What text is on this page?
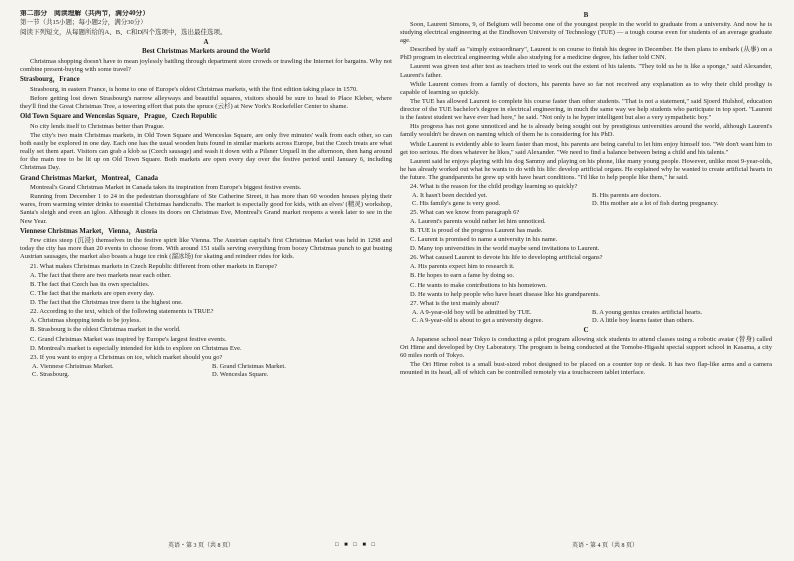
第二部分　阅读理解（共两节，满分40分）

第一节（共15小题；每小题2分，满分30分）

阅读下列短文，从每题所给的A、B、C和D四个选项中，选出最佳选项。

A
Best Christmas Markets around the World

Christmas shopping doesn't have to mean joylessly battling through department store crowds or trawling the Internet for bargains. Why not combine present-buying with some travel?

Strasbourg，France

Strasbourg, in eastern France, is home to one of Europe's oldest Christmas markets, with the first edition taking place in 1570.

Before getting lost down Strasbourg's narrow alleyways and beautiful squares, visitors should be sure to head to Place Kleber, where they'll find the Great Christmas Tree, a towering effort that puts the spruce (云杉) at New York's Rockefeller Center to shame.

Old Town Square and Wenceslas Square，Prague，Czech Republic

No city lends itself to Christmas better than Prague.

The city's two main Christmas markets, in Old Town Square and Wenceslas Square, are only five minutes' walk from each other, so can both easily be explored in one day. Each one has the usual wooden huts found in similar markets across Europe, but the Czech treats are what really set them apart. Visitors can grab a klob sa (Czech sausage) and wash it down with a Pilsner Urquell in the afternoon, then hang around for the main tree to be lit up on Old Town Square. Both markets are open every day over the festive period until January 6, including Christmas Day.

Grand Christmas Market，Montreal，Canada

Montreal's Grand Christmas Market in Canada takes its inspiration from Europe's biggest festive events.

Running from December 1 to 24 in the pedestrian thoroughfare of Ste Catherine Street, it has more than 60 wooden houses plying their wares, from warming winter drinks to essential Christmas handicrafts. The market is especially good for kids, with an elves' (精灵) workshop, Santa's sleigh and even an igloo. Although it closes its doors on Christmas Eve, Montreal's Grand market reopens a week later to see in the New Year.

Viennese Christmas Market，Vienna，Austria

Few cities steep (沉浸) themselves in the festive spirit like Vienna. The Austrian capital's first Christmas Market was held in 1298 and today the city has more than 20 events to choose from. With around 151 stalls serving everything from boozy Christmas punch to gut busting Austrian sausages, the market also boasts a huge ice rink (溜冰场) for skating and reindeer rides for kids.

21. What makes Christmas markets in Czech Republic different from other markets in Europe?

A. The fact that there are two markets near each other.

B. The fact that Czech has its own specialties.

C. The fact that the markets are open every day.

D. The fact that the Christmas tree there is the highest one.

22. According to the text, which of the following statements is TRUE?

A. Christmas shopping tends to be joyless.

B. Strasbourg is the oldest Christmas market in the world.

C. Grand Christmas Market was inspired by Europe's largest festive events.

D. Montreal's market is especially intended for kids to explore on Christmas Eve.

23. If you want to enjoy a Christmas on ice, which market should you go?

A. Viennese Christmas Market.	B. Grand Christmas Market.
C. Strasbourg.	D. Wenceslas Square.
B

Soon, Laurent Simons, 9, of Belgium will become one of the youngest people in the world to graduate from a university. And now he is studying electrical engineering at the Eindhoven University of Technology (TUE) — a tough course even for students of an average graduate age.

Described by staff as "simply extraordinary", Laurent is on course to finish his degree in December. He then plans to embark (从事) on a PhD program in electrical engineering while also studying for a medicine degree, his father told CNN.

Laurent was given test after test as teachers tried to work out the extent of his talents. "They told us he is like a sponge," said Alexander, Laurent's father.

While Laurent comes from a family of doctors, his parents have so far not received any explanation as to why their child prodigy is capable of learning so quickly.

The TUE has allowed Laurent to complete his course faster than other students. "That is not a statement," said Sjoerd Hulshof, education director of the TUE bachelor's degree in electrical engineering, in much the same way we help students who participate in top sport. "Laurent is the fastest student we have ever had here," he said. "Not only is he hyper intelligent but also a very sympathetic boy."

His progress has not gone unnoticed and he is already being sought out by prestigious universities around the world, although Laurent's family wouldn't be drawn on naming which of them he is considering for his PhD.

While Laurent is evidently able to learn faster than most, his parents are being careful to let him enjoy himself too. "We don't want him to get too serious. He does whatever he likes," said Alexander. "We need to find a balance between being a child and his talents."

Laurent said he enjoys playing with his dog Sammy and playing on his phone, like many young people. However, unlike most 9-year-olds, he has already worked out what he wants to do with his life: develop artificial organs. He explained why he wanted to create artificial hearts in the future. The grandparents he grew up with have heart conditions. "I'd like to help people like them," he said.

24. What is the reason for the child prodigy learning so quickly?

A. It hasn't been decided yet.	B. His parents are doctors.
C. His family's gene is very good.	D. His mother ate a lot of fish during pregnancy.

25. What can we know from paragraph 6?

A. Laurent's parents would rather let him unnoticed.

B. TUE is proud of the progress Laurent has made.

C. Laurent is promised to name a university in his name.

D. Many top universities in the world maybe send invitations to Laurent.

26. What caused Laurent to devote his life to developing artificial organs?

A. His parents expect him to research it.

B. He hopes to earn a fame by doing so.

C. He wants to make contributions to his hometown.

D. He wants to help people who have heart disease like his grandparents.

27. What is the text mainly about?

A. A 9-year-old boy will be admitted by TUE.	B. A young genius creates artificial hearts.
C. A 9-year-old is about to get a university degree.	D. A little boy learns faster than others.
C

A Japanese school near Tokyo is conducting a pilot program allowing sick students to attend classes using a robotic avatar (替身) called Ori Hime and developed by Ory Laboratory. The program is being conducted at the Tomobe-Higashi special support school in Kasama, a city 60 miles north of Tokyo.

The Ori Hime robot is a small bust-sized robot designed to be placed on a counter top or desk. It has two flap-like arms and a camera mounted in its head, all of which can be controlled remotely via a touchscreen tablet interface.

英语・第 3 页（共 8 页）	□ ■ □ ■ □	英语・第 4 页（共 8 页）
